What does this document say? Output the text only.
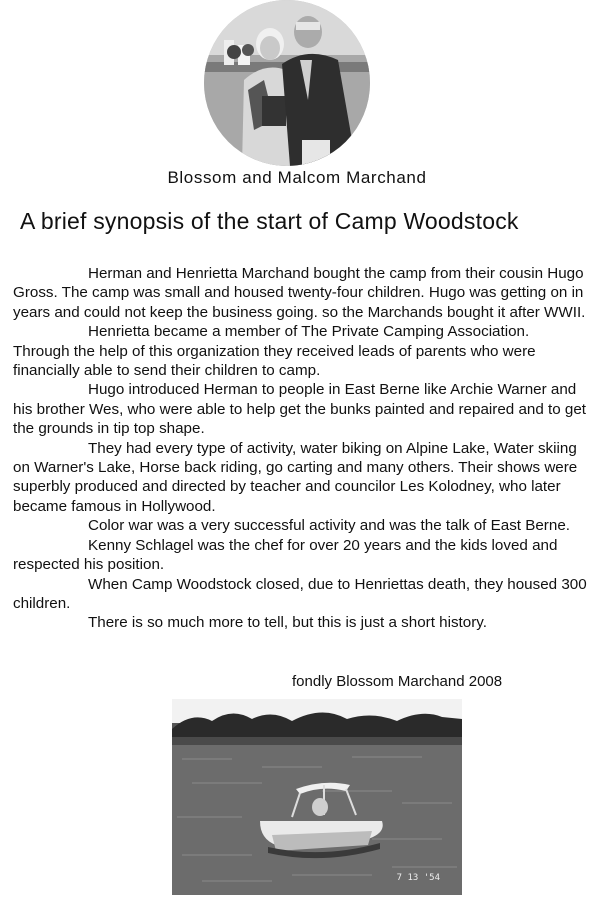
Blossom and Malcom Marchand
A brief synopsis of the start of Camp Woodstock

Herman and Henrietta Marchand bought the camp from their cousin Hugo Gross. The camp was small and housed twenty-four children. Hugo was getting on in years and could not keep the business going. so the Marchands bought it after WWII.

Henrietta became a member of The Private Camping Association. Through the help of this organization they received leads of parents who were financially able to send their children to camp.

Hugo introduced Herman to people in East Berne like Archie Warner and his brother Wes, who were able to help get the bunks painted and repaired and to get the grounds in tip top shape.

They had every type of activity, water biking on Alpine Lake, Water skiing on Warner's Lake, Horse back riding, go carting and many others. Their shows were superbly produced and directed by teacher and councilor Les Kolodney, who later became famous in Hollywood.

Color war was a very successful activity and was the talk of East Berne.

Kenny Schlagel was the chef for over 20 years and the kids loved and respected his position.

When Camp Woodstock closed, due to Henriettas death, they housed 300 children.

There is so much more to tell, but this is just a short history.

fondly Blossom Marchand 2008
7 13 '54
